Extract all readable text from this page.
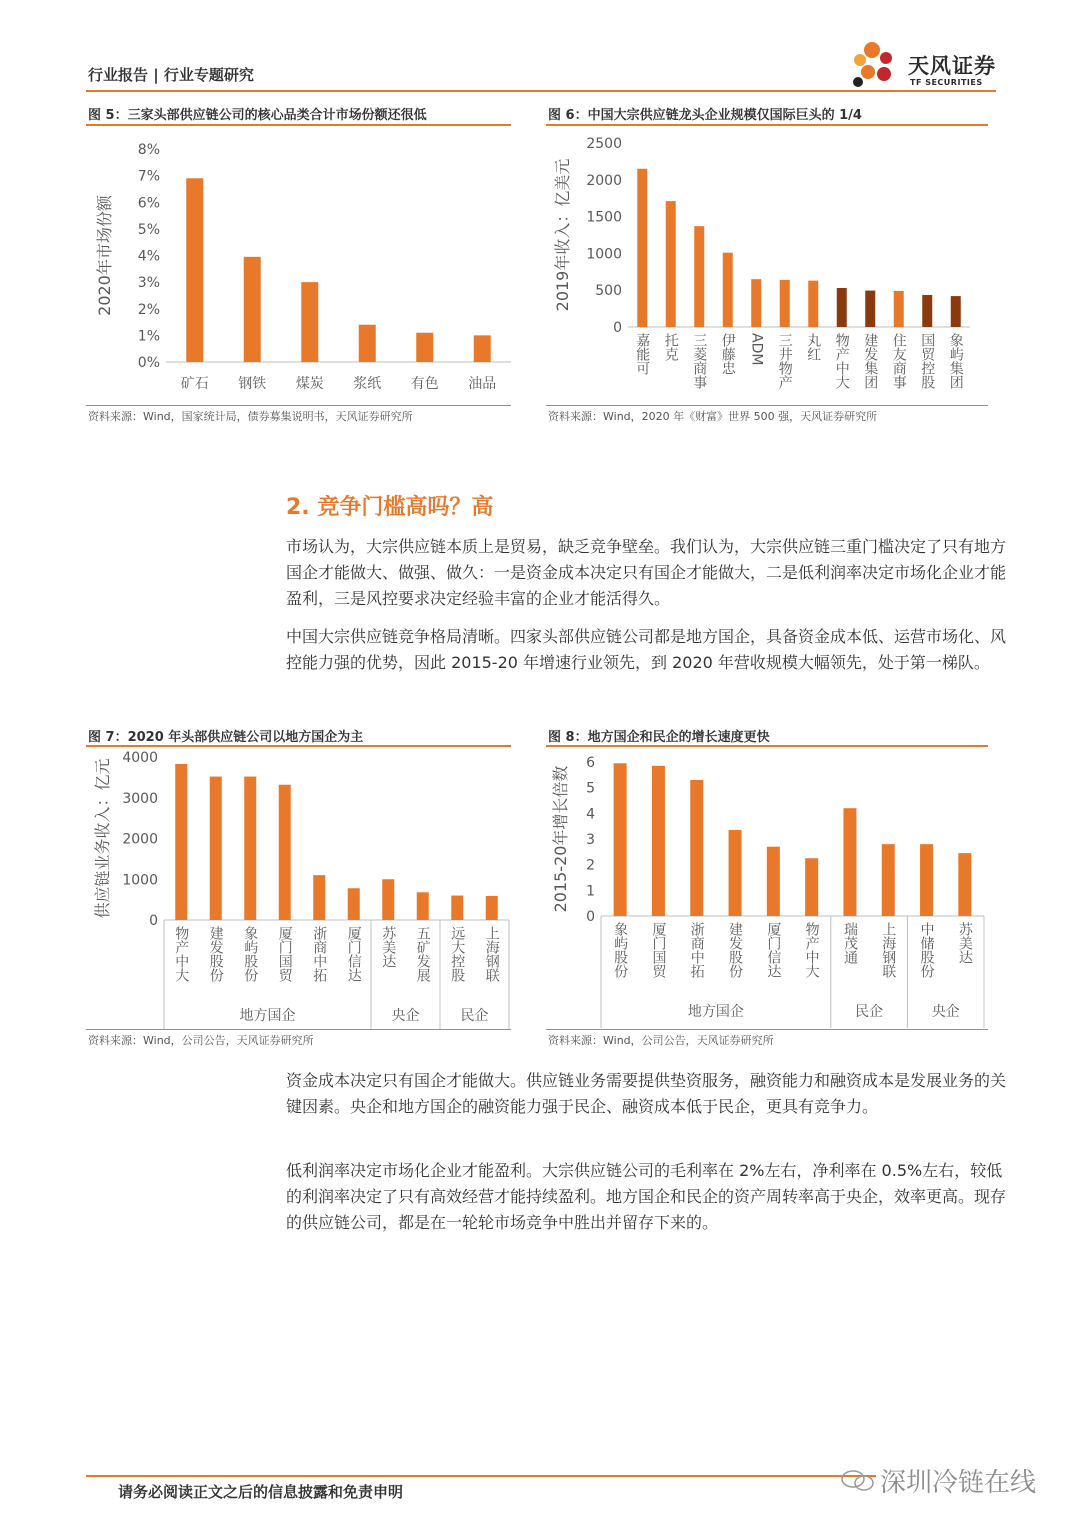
行业报告 | 行业专题研究	天风证券
TF SECURITIES
图 5：三家头部供应链公司的核心品类合计市场份额还很低
0%
1%
2%
3%
4%
5%
6%
7%
8%
2020年市场份额
矿石 钢铁 煤炭 浆纸 有色 油品
资料来源：Wind，国家统计局，债券募集说明书，天风证券研究所
图 6：中国大宗供应链龙头企业规模仅国际巨头的 1/4
0
500
1000
1500
2000
2500
2019年收入：亿美元
嘉能可 托克 三菱商事 伊藤忠 ADM 三井物产 丸红 物产中大 建发集团 住友商事 国贸控股 象屿集团
资料来源：Wind，2020 年《财富》世界 500 强，天风证券研究所
2. 竞争门槛高吗？高

市场认为，大宗供应链本质上是贸易，缺乏竞争壁垒。我们认为，大宗供应链三重门槛决定了只有地方国企才能做大、做强、做久：一是资金成本决定只有国企才能做大，二是低利润率决定市场化企业才能盈利，三是风控要求决定经验丰富的企业才能活得久。

中国大宗供应链竞争格局清晰。四家头部供应链公司都是地方国企，具备资金成本低、运营市场化、风控能力强的优势，因此 2015-20 年增速行业领先，到 2020 年营收规模大幅领先，处于第一梯队。

图 7：2020 年头部供应链公司以地方国企为主
0
1000
2000
3000
4000
供应链业务收入：亿元
物产中大 建发股份 象屿股份 厦门国贸 浙商中拓 厦门信达 苏美达 五矿发展 远大控股 上海钢联
地方国企	央企	民企
资料来源：Wind，公司公告，天风证券研究所
图 8：地方国企和民企的增长速度更快
0
1
2
3
4
5
6
2015-20年增长倍数
象屿股份 厦门国贸 浙商中拓 建发股份 厦门信达 物产中大 瑞茂通 上海钢联 中储股份 苏美达
地方国企	民企	央企
资料来源：Wind，公司公告，天风证券研究所

资金成本决定只有国企才能做大。供应链业务需要提供垫资服务，融资能力和融资成本是发展业务的关键因素。央企和地方国企的融资能力强于民企、融资成本低于民企，更具有竞争力。

低利润率决定市场化企业才能盈利。大宗供应链公司的毛利率在 2%左右，净利率在 0.5%左右，较低的利润率决定了只有高效经营才能持续盈利。地方国企和民企的资产周转率高于央企，效率更高。现存的供应链公司，都是在一轮轮市场竞争中胜出并留存下来的。

请务必阅读正文之后的信息披露和免责申明	深圳冷链在线
